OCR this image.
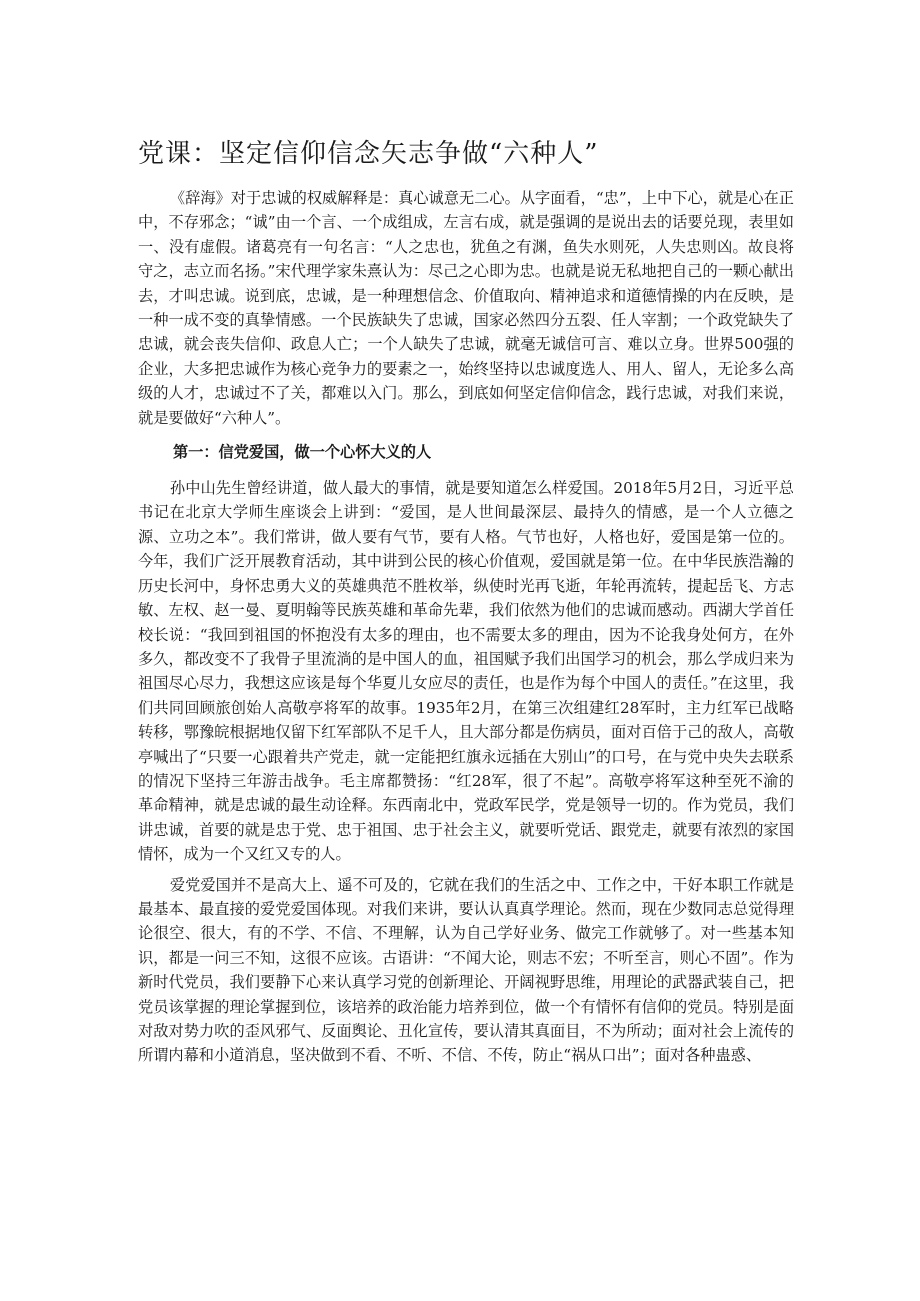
党课：坚定信仰信念矢志争做“六种人”

《辞海》对于忠诚的权威解释是：真心诚意无二心。从字面看，“忠”，上中下心，就是心在正中，不存邪念；“诚”由一个言、一个成组成，左言右成，就是强调的是说出去的话要兑现，表里如一、没有虚假。诸葛亮有一句名言：“人之忠也，犹鱼之有渊，鱼失水则死，人失忠则凶。故良将守之，志立而名扬。”宋代理学家朱熹认为：尽己之心即为忠。也就是说无私地把自己的一颗心献出去，才叫忠诚。说到底，忠诚，是一种理想信念、价值取向、精神追求和道德情操的内在反映，是一种一成不变的真挚情感。一个民族缺失了忠诚，国家必然四分五裂、任人宰割；一个政党缺失了忠诚，就会丧失信仰、政息人亡；一个人缺失了忠诚，就毫无诚信可言、难以立身。世界500强的企业，大多把忠诚作为核心竞争力的要素之一，始终坚持以忠诚度选人、用人、留人，无论多么高级的人才，忠诚过不了关，都难以入门。那么，到底如何坚定信仰信念，践行忠诚，对我们来说，就是要做好“六种人”。

第一：信党爱国，做一个心怀大义的人

孙中山先生曾经讲道，做人最大的事情，就是要知道怎么样爱国。2018年5月2日，习近平总书记在北京大学师生座谈会上讲到：“爱国，是人世间最深层、最持久的情感，是一个人立德之源、立功之本”。我们常讲，做人要有气节，要有人格。气节也好，人格也好，爱国是第一位的。今年，我们广泛开展教育活动，其中讲到公民的核心价值观，爱国就是第一位。在中华民族浩瀚的历史长河中，身怀忠勇大义的英雄典范不胜枚举，纵使时光再飞逝，年轮再流转，提起岳飞、方志敏、左权、赵一曼、夏明翰等民族英雄和革命先辈，我们依然为他们的忠诚而感动。西湖大学首任校长说：“我回到祖国的怀抱没有太多的理由，也不需要太多的理由，因为不论我身处何方，在外多久，都改变不了我骨子里流淌的是中国人的血，祖国赋予我们出国学习的机会，那么学成归来为祖国尽心尽力，我想这应该是每个华夏儿女应尽的责任，也是作为每个中国人的责任。”在这里，我们共同回顾旅创始人高敬亭将军的故事。1935年2月，在第三次组建红28军时，主力红军已战略转移，鄂豫皖根据地仅留下红军部队不足千人，且大部分都是伤病员，面对百倍于己的敌人，高敬亭喊出了“只要一心跟着共产党走，就一定能把红旗永远插在大别山”的口号，在与党中央失去联系的情况下坚持三年游击战争。毛主席都赞扬：“红28军，很了不起”。高敬亭将军这种至死不渝的革命精神，就是忠诚的最生动诠释。东西南北中，党政军民学，党是领导一切的。作为党员，我们讲忠诚，首要的就是忠于党、忠于祖国、忠于社会主义，就要听党话、跟党走，就要有浓烈的家国情怀，成为一个又红又专的人。

爱党爱国并不是高大上、遥不可及的，它就在我们的生活之中、工作之中，干好本职工作就是最基本、最直接的爱党爱国体现。对我们来讲，要认认真真学理论。然而，现在少数同志总觉得理论很空、很大，有的不学、不信、不理解，认为自己学好业务、做完工作就够了。对一些基本知识，都是一问三不知，这很不应该。古语讲：“不闻大论，则志不宏；不听至言，则心不固”。作为新时代党员，我们要静下心来认真学习党的创新理论、开阔视野思维，用理论的武器武装自己，把党员该掌握的理论掌握到位，该培养的政治能力培养到位，做一个有情怀有信仰的党员。特别是面对敌对势力吹的歪风邪气、反面舆论、丑化宣传，要认清其真面目，不为所动；面对社会上流传的所谓内幕和小道消息，坚决做到不看、不听、不信、不传，防止“祸从口出”；面对各种蛊惑、
